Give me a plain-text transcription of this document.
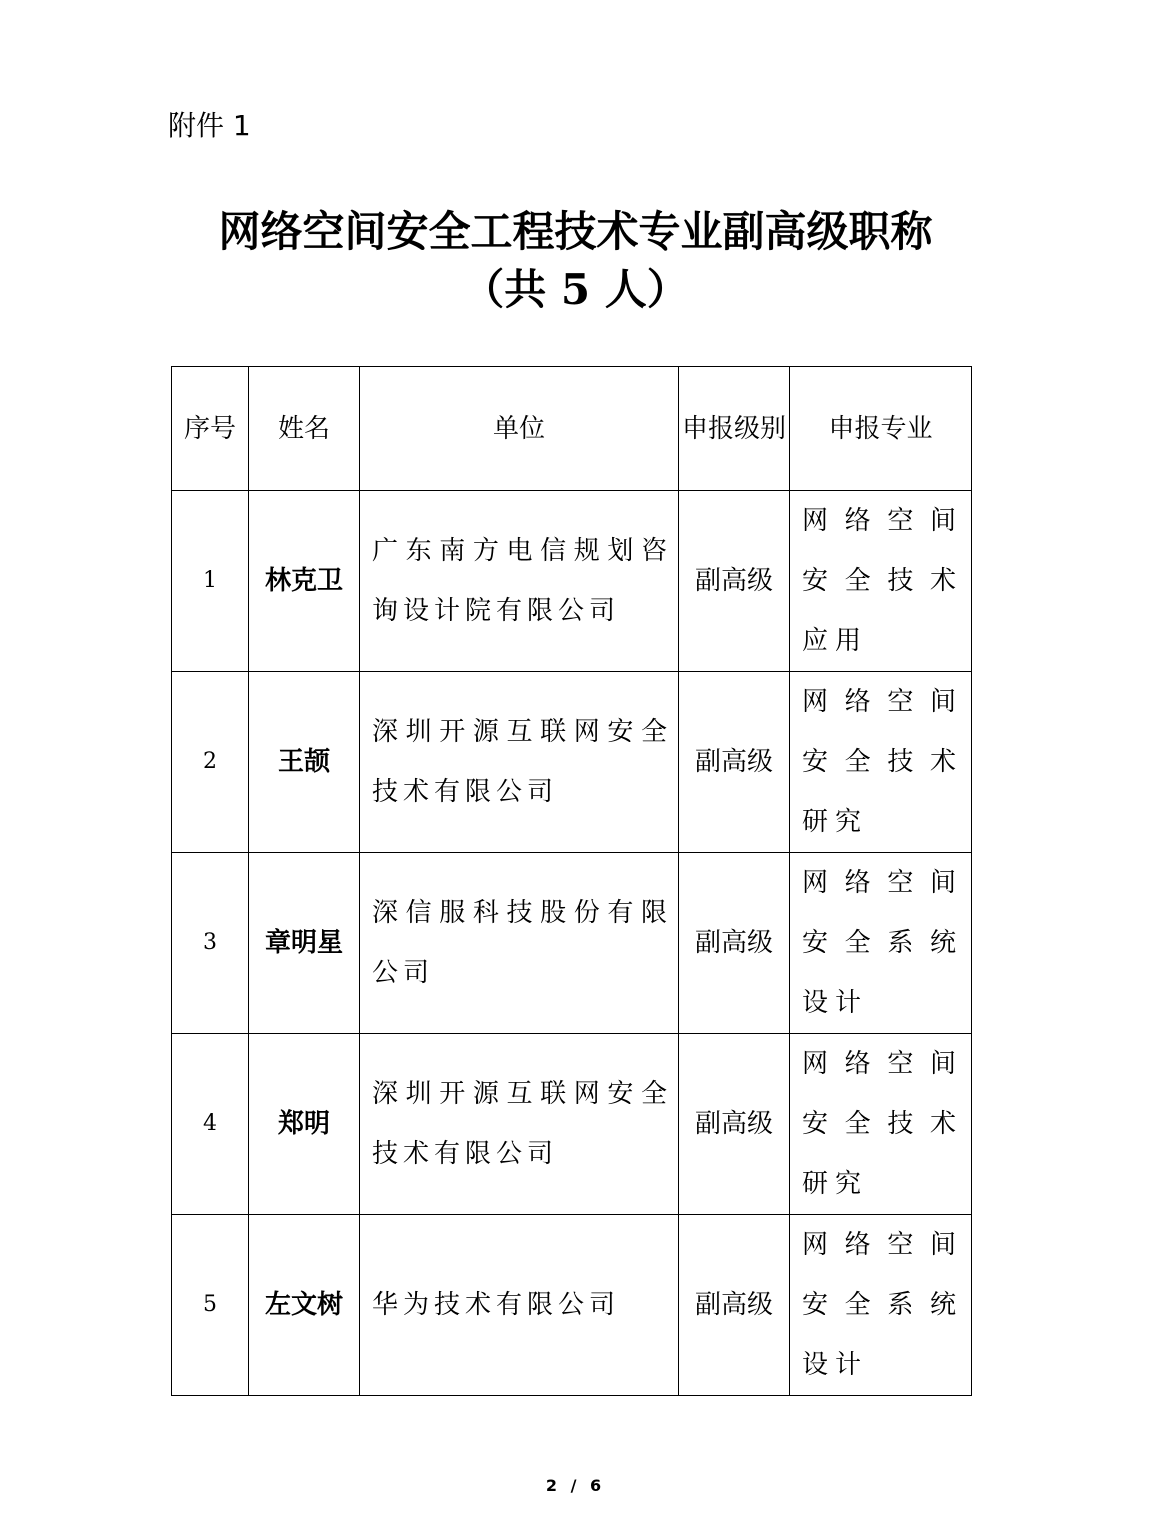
附件 1
网络空间安全工程技术专业副高级职称
（共 5 人）
序号	姓名	单位	申报级别	申报专业
1	林克卫	广东南方电信规划咨询设计院有限公司	副高级	网络空间安全技术应用
2	王颉	深圳开源互联网安全技术有限公司	副高级	网络空间安全技术研究
3	章明星	深信服科技股份有限公司	副高级	网络空间安全系统设计
4	郑明	深圳开源互联网安全技术有限公司	副高级	网络空间安全技术研究
5	左文树	华为技术有限公司	副高级	网络空间安全系统设计
2 / 6
